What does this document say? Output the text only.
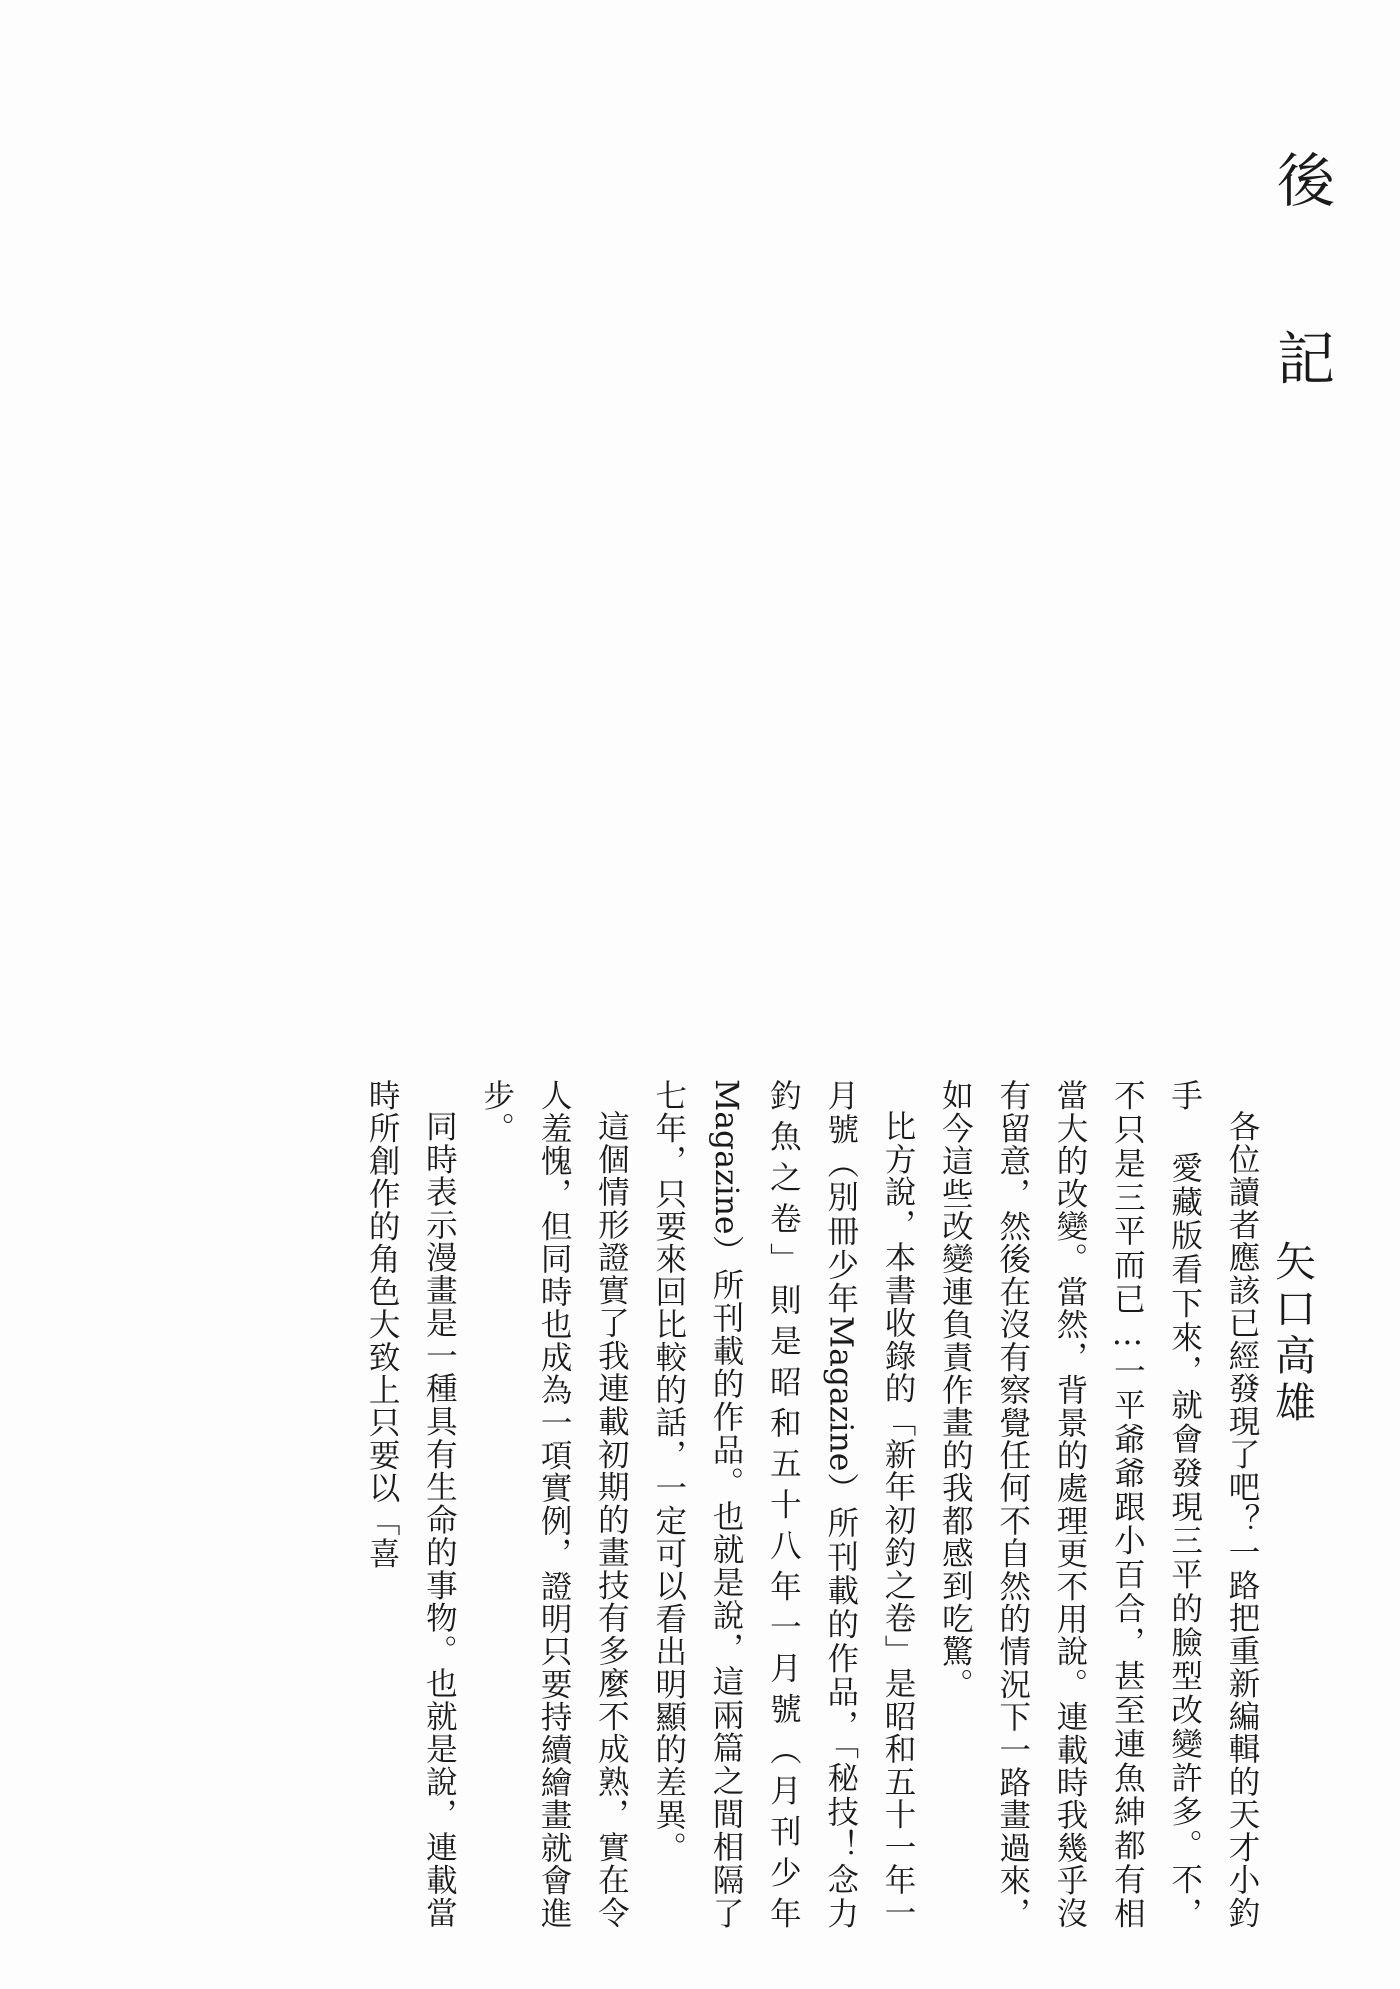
後 記
矢口高雄

各位讀者應該已經發現了吧？一路把重新編輯的天才小釣手 愛藏版看下來，就會發現三平的臉型改變許多。不，不只是三平而已…一平爺爺跟小百合，甚至連魚紳都有相當大的改變。當然，背景的處理更不用說。連載時我幾乎沒有留意，然後在沒有察覺任何不自然的情況下一路畫過來，如今這些改變連負責作畫的我都感到吃驚。

比方說，本書收錄的「新年初釣之卷」是昭和五十一年一月號（別冊少年Magazine）所刊載的作品，「秘技！念力釣魚之卷」則是昭和五十八年一月號（月刊少年Magazine）所刊載的作品。也就是說，這兩篇之間相隔了七年，只要來回比較的話，一定可以看出明顯的差異。

這個情形證實了我連載初期的畫技有多麼不成熟，實在令人羞愧，但同時也成為一項實例，證明只要持續繪畫就會進步。

同時表示漫畫是一種具有生命的事物。也就是說，連載當時所創作的角色大致上只要以「喜
